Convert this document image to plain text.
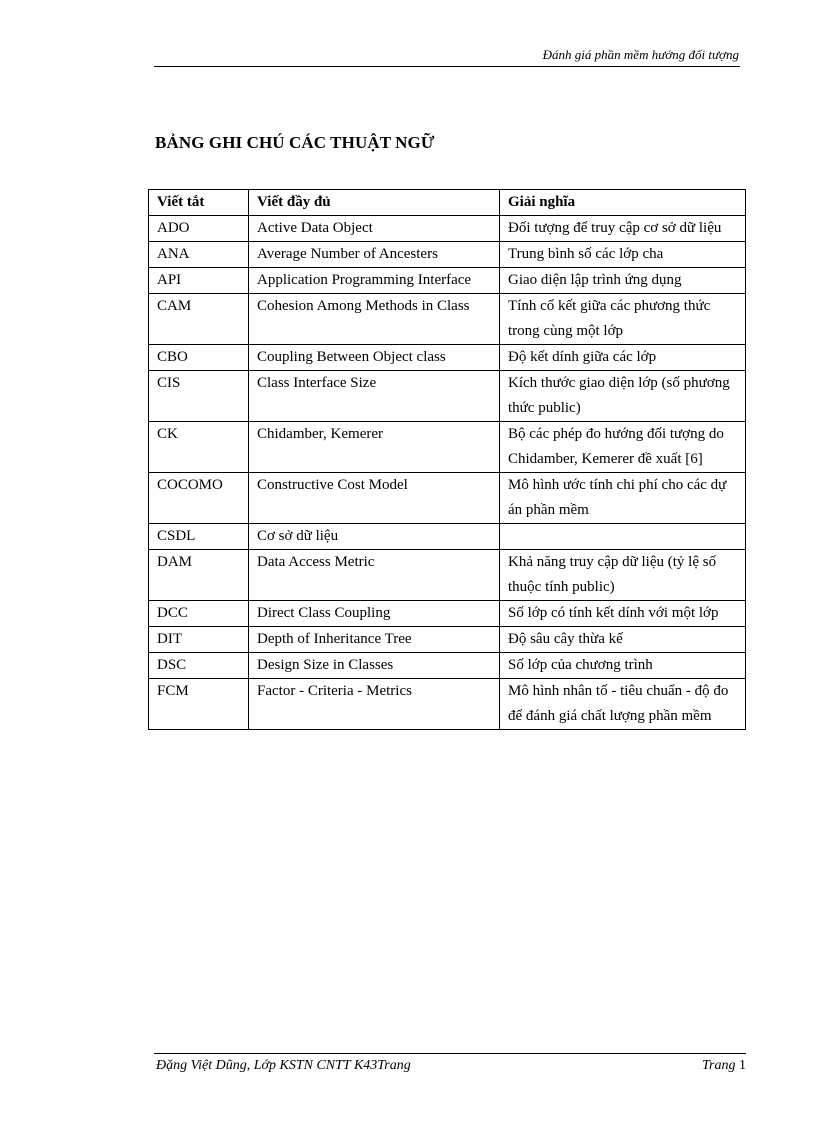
Đánh giá phần mềm hướng đối tượng
BẢNG GHI CHÚ CÁC THUẬT NGỮ
Viết tắt	Viết đầy đủ	Giải nghĩa
ADO	Active Data Object	Đối tượng để truy cập cơ sở dữ liệu
ANA	Average Number of Ancesters	Trung bình số các lớp cha
API	Application Programming Interface	Giao diện lập trình ứng dụng
CAM	Cohesion Among Methods in Class	Tính cố kết giữa các phương thức trong cùng một lớp
CBO	Coupling Between Object class	Độ kết dính giữa các lớp
CIS	Class Interface Size	Kích thước giao diện lớp (số phương thức public)
CK	Chidamber, Kemerer	Bộ các phép đo hướng đối tượng do Chidamber, Kemerer đề xuất [6]
COCOMO	Constructive Cost Model	Mô hình ước tính chi phí cho các dự án phần mềm
CSDL	Cơ sở dữ liệu	
DAM	Data Access Metric	Khả năng truy cập dữ liệu (tỷ lệ số thuộc tính public)
DCC	Direct Class Coupling	Số lớp có tính kết dính với một lớp
DIT	Depth of Inheritance Tree	Độ sâu cây thừa kế
DSC	Design Size in Classes	Số lớp của chương trình
FCM	Factor - Criteria - Metrics	Mô hình nhân tố - tiêu chuẩn - độ đo để đánh giá chất lượng phần mềm
Đặng Việt Dũng, Lớp KSTN CNTT K43Trang	Trang 1
